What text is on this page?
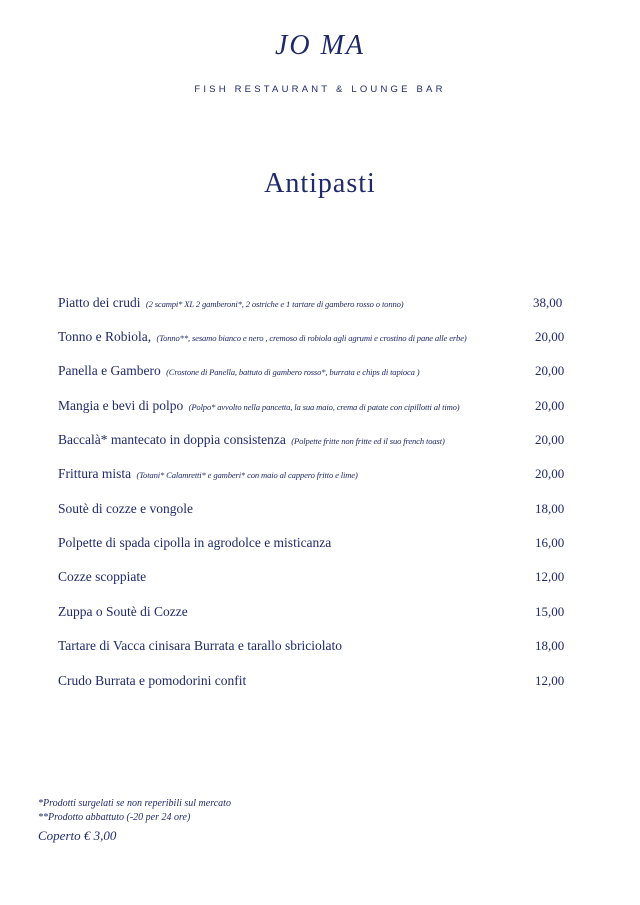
JO MA
FISH RESTAURANT & LOUNGE BAR
Antipasti
Piatto dei crudi (2 scampi* XL 2 gamberoni*, 2 ostriche e 1 tartare di gambero rosso o tonno)	38,00
Tonno e Robiola, (Tonno**, sesamo bianco e nero , cremoso di robiola agli agrumi e crostino di pane alle erbe)	20,00
Panella e Gambero (Crostone di Panella, battuto di gambero rosso*, burrata e chips di tapioca )	20,00
Mangia e bevi di polpo (Polpo* avvolto nella pancetta, la sua maio, crema di patate con cipillotti al timo)	20,00
Baccalà* mantecato in doppia consistenza (Polpette fritte non fritte ed il suo french toast)	20,00
Frittura mista (Totani* Calamretti* e gamberi* con maio al cappero fritto e lime)	20,00
Soutè di cozze e vongole	18,00
Polpette di spada cipolla in agrodolce e misticanza	16,00
Cozze scoppiate	12,00
Zuppa o Soutè di Cozze	15,00
Tartare di Vacca cinisara Burrata e tarallo sbriciolato	18,00
Crudo Burrata e pomodorini confit	12,00
*Prodotti surgelati se non reperibili sul mercato
**Prodotto abbattuto (-20 per 24 ore)
Coperto € 3,00
